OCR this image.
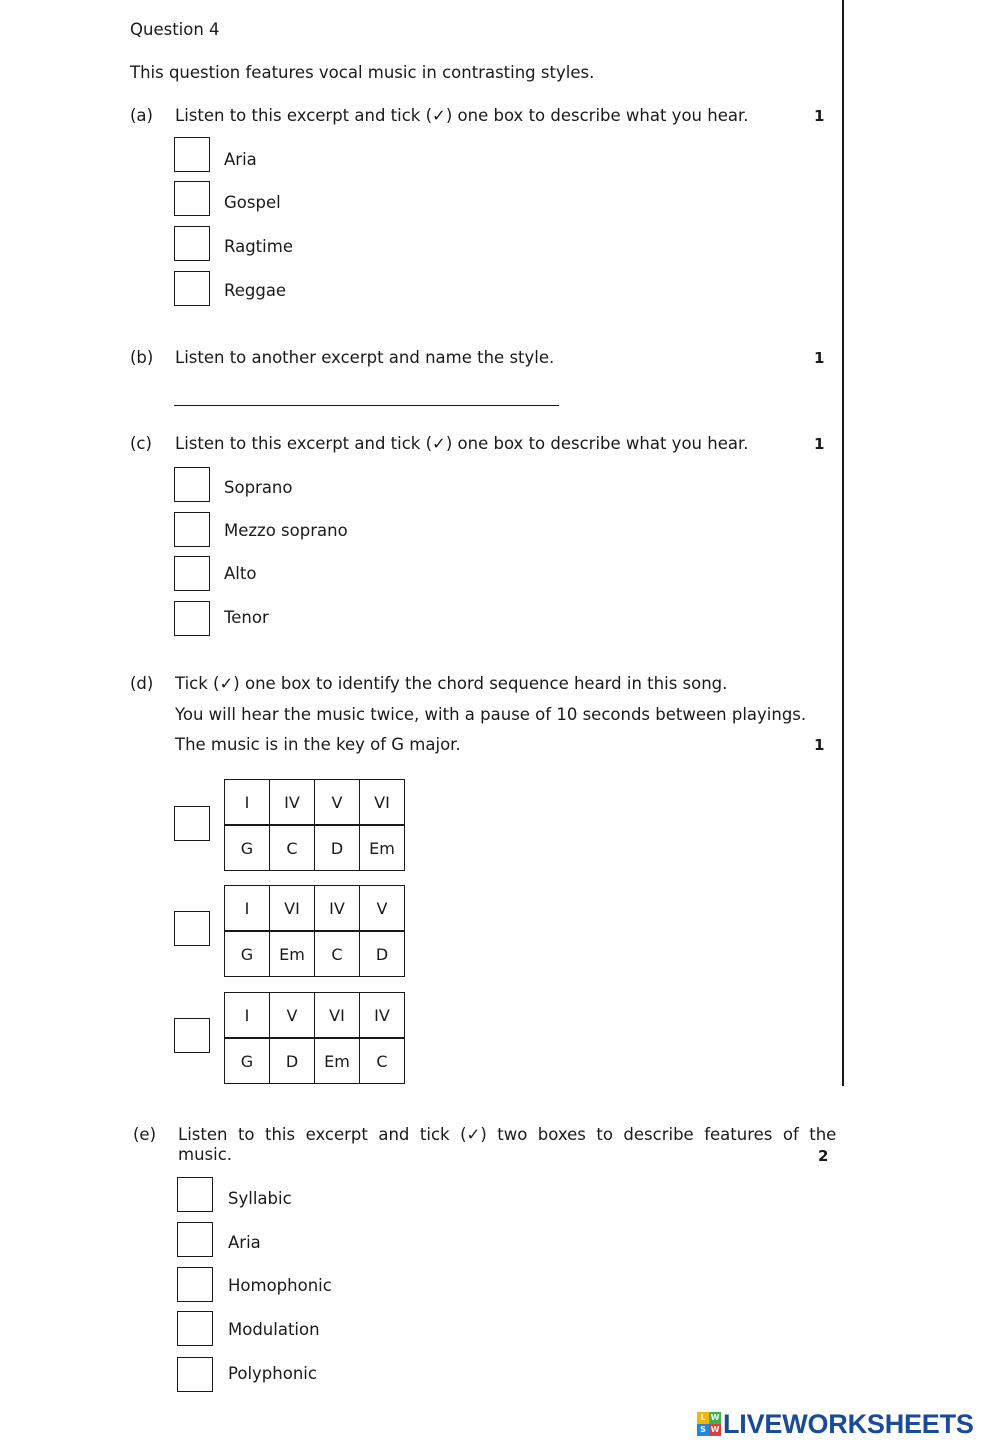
Question 4
This question features vocal music in contrasting styles.
(a) Listen to this excerpt and tick (✓) one box to describe what you hear.	1
Aria
Gospel
Ragtime
Reggae
(b) Listen to another excerpt and name the style.	1
(c) Listen to this excerpt and tick (✓) one box to describe what you hear.	1
Soprano
Mezzo soprano
Alto
Tenor
(d) Tick (✓) one box to identify the chord sequence heard in this song.
You will hear the music twice, with a pause of 10 seconds between playings.
The music is in the key of G major.	1
I	IV	V	VI
G	C	D	Em
I	VI	IV	V
G	Em	C	D
I	V	VI	IV
G	D	Em	C
(e) Listen  to  this  excerpt  and  tick  (✓)  two  boxes  to  describe  features  of  the
music.	2
Syllabic
Aria
Homophonic
Modulation
Polyphonic
L W
S W LIVEWORKSHEETS
